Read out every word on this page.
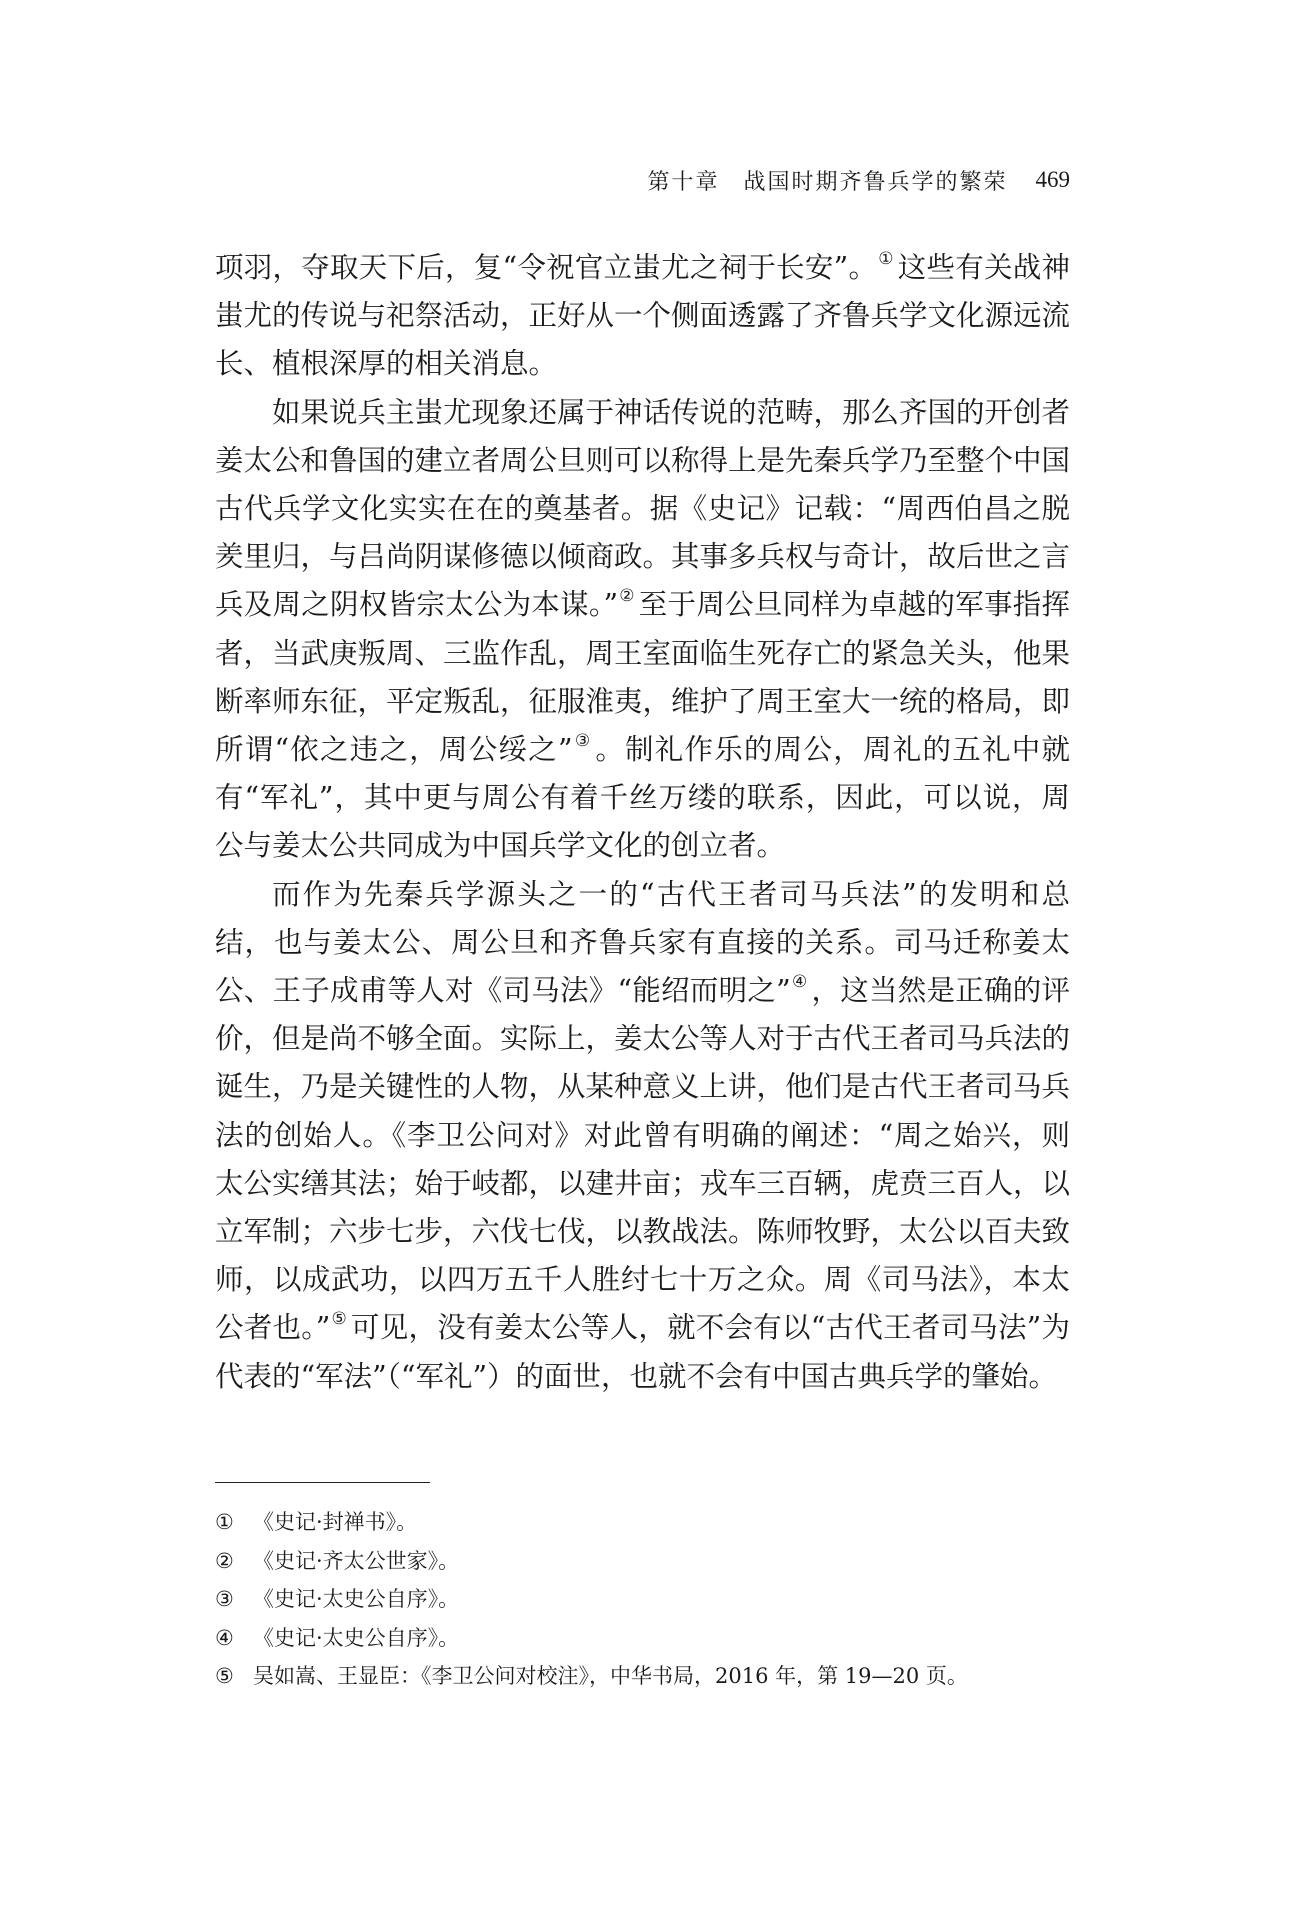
第十章　战国时期齐鲁兵学的繁荣 469

项羽，夺取天下后，复“令祝官立蚩尤之祠于长安”。① 这些有关战神蚩尤的传说与祀祭活动，正好从一个侧面透露了齐鲁兵学文化源远流长、植根深厚的相关消息。

如果说兵主蚩尤现象还属于神话传说的范畴，那么齐国的开创者姜太公和鲁国的建立者周公旦则可以称得上是先秦兵学乃至整个中国古代兵学文化实实在在的奠基者。据《史记》记载：“周西伯昌之脱羑里归，与吕尚阴谋修德以倾商政。其事多兵权与奇计，故后世之言兵及周之阴权皆宗太公为本谋。”② 至于周公旦同样为卓越的军事指挥者，当武庚叛周、三监作乱，周王室面临生死存亡的紧急关头，他果断率师东征，平定叛乱，征服淮夷，维护了周王室大一统的格局，即所谓“依之违之，周公绥之”③ 。制礼作乐的周公，周礼的五礼中就有“军礼”，其中更与周公有着千丝万缕的联系，因此，可以说，周公与姜太公共同成为中国兵学文化的创立者。

而作为先秦兵学源头之一的“古代王者司马兵法”的发明和总结，也与姜太公、周公旦和齐鲁兵家有直接的关系。司马迁称姜太公、王子成甫等人对《司马法》“能绍而明之”④ ，这当然是正确的评价，但是尚不够全面。实际上，姜太公等人对于古代王者司马兵法的诞生，乃是关键性的人物，从某种意义上讲，他们是古代王者司马兵法的创始人。《李卫公问对》对此曾有明确的阐述：“周之始兴，则太公实缮其法；始于岐都，以建井亩；戎车三百辆，虎贲三百人，以立军制；六步七步，六伐七伐，以教战法。陈师牧野，太公以百夫致师，以成武功，以四万五千人胜纣七十万之众。周《司马法》，本太公者也。”⑤ 可见，没有姜太公等人，就不会有以“古代王者司马法”为代表的“军法”（“军礼”）的面世，也就不会有中国古典兵学的肇始。

① 《史记·封禅书》。
② 《史记·齐太公世家》。
③ 《史记·太史公自序》。
④ 《史记·太史公自序》。
⑤ 吴如嵩、王显臣：《李卫公问对校注》，中华书局，2016 年，第 19—20 页。
